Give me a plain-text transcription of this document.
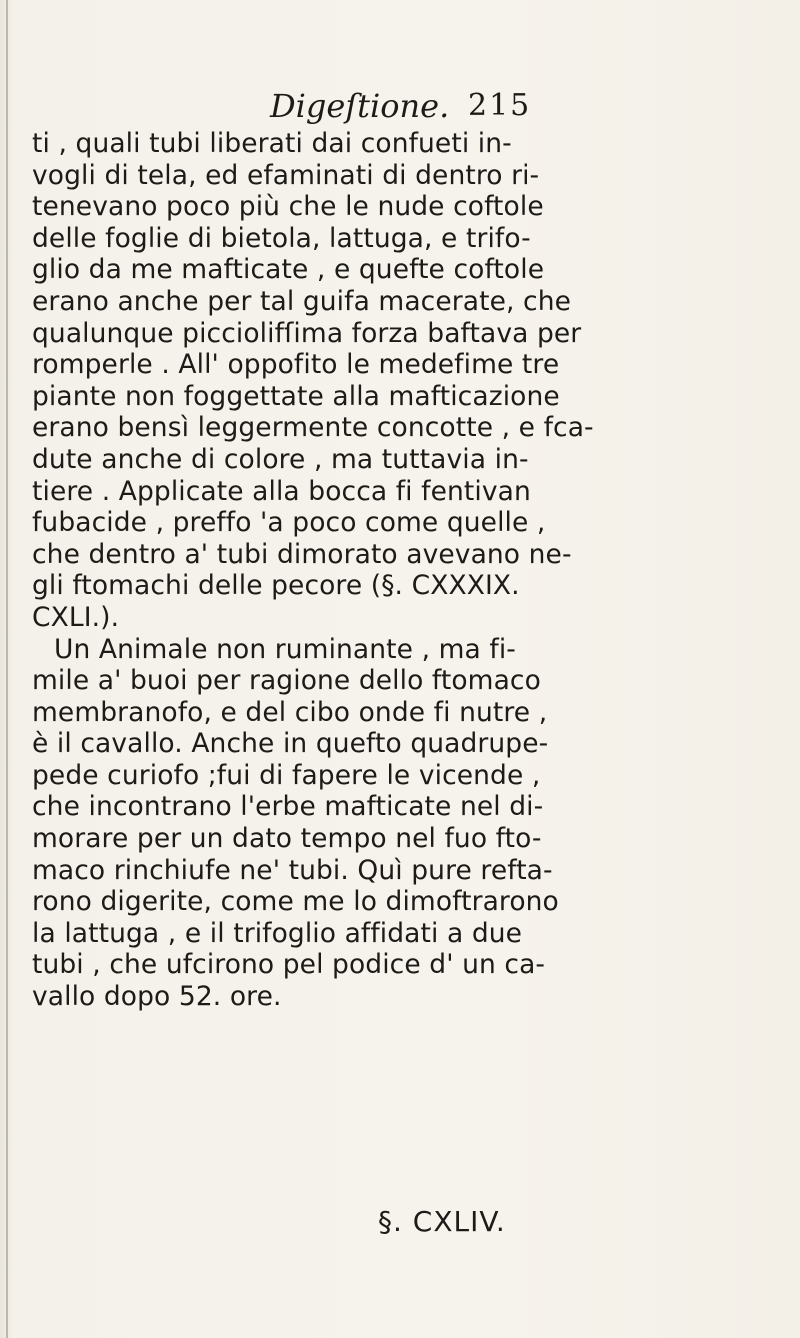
Digeſtione. 215
ti , quali tubi liberati dai confueti in-
vogli di tela, ed efaminati di dentro ri-
tenevano poco più che le nude coftole
delle foglie di bietola, lattuga, e trifo-
glio da me mafticate , e quefte coftole
erano anche per tal guifa macerate, che
qualunque picciolifſima forza baftava per
romperle . All' oppofito le medefime tre
piante non foggettate alla mafticazione
erano bensì leggermente concotte , e fca-
dute anche di colore , ma tuttavia in-
tiere . Applicate alla bocca fi fentivan
fubacide , preffo 'a poco come quelle ,
che dentro a' tubi dimorato avevano ne-
gli ftomachi delle pecore (§. CXXXIX.
CXLI.).
Un Animale non ruminante , ma fi-
mile a' buoi per ragione dello ftomaco
membranofo, e del cibo onde fi nutre ,
è il cavallo. Anche in quefto quadrupe-
pede curiofo ;fui di fapere le vicende ,
che incontrano l'erbe mafticate nel di-
morare per un dato tempo nel fuo fto-
maco rinchiufe ne' tubi. Quì pure refta-
rono digerite, come me lo dimoftrarono
la lattuga , e il trifoglio affidati a due
tubi , che ufcirono pel podice d' un ca-
vallo dopo 52. ore.
§. CXLIV.
